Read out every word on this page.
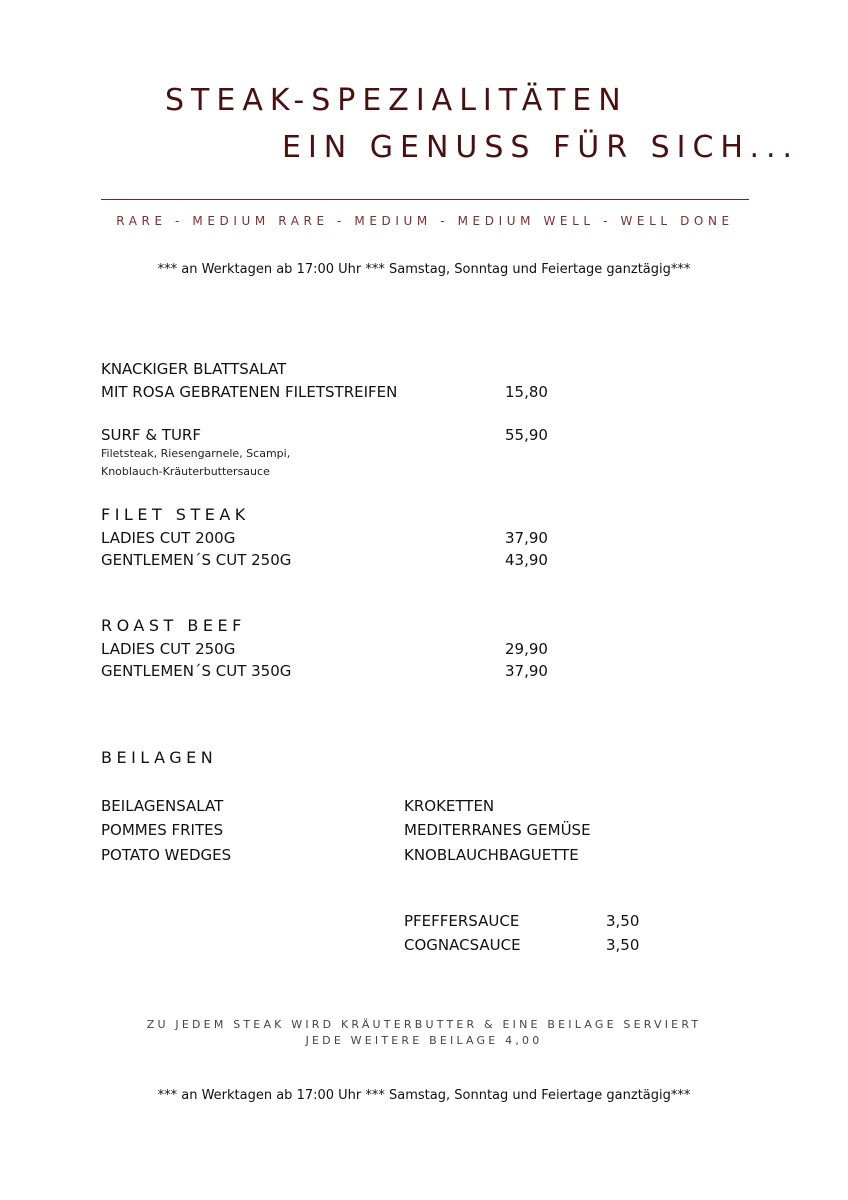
STEAK-SPEZIALITÄTEN
EIN GENUSS FÜR SICH...
RARE - MEDIUM RARE - MEDIUM - MEDIUM WELL - WELL DONE
*** an Werktagen ab 17:00 Uhr *** Samstag, Sonntag und Feiertage ganztägig***
KNACKIGER BLATTSALAT
MIT ROSA GEBRATENEN FILETSTREIFEN	15,80
SURF & TURF	55,90
Filetsteak, Riesengarnele, Scampi,
Knoblauch-Kräuterbuttersauce
FILET STEAK
LADIES CUT 200G	37,90
GENTLEMEN´S CUT 250G	43,90
ROAST BEEF
LADIES CUT 250G	29,90
GENTLEMEN´S CUT 350G	37,90
BEILAGEN
BEILAGENSALAT
POMMES FRITES
POTATO WEDGES
KROKETTEN
MEDITERRANES GEMÜSE
KNOBLAUCHBAGUETTE
PFEFFERSAUCE	3,50
COGNACSAUCE	3,50
ZU JEDEM STEAK WIRD KRÄUTERBUTTER & EINE BEILAGE SERVIERT
JEDE WEITERE BEILAGE 4,00
*** an Werktagen ab 17:00 Uhr *** Samstag, Sonntag und Feiertage ganztägig***
